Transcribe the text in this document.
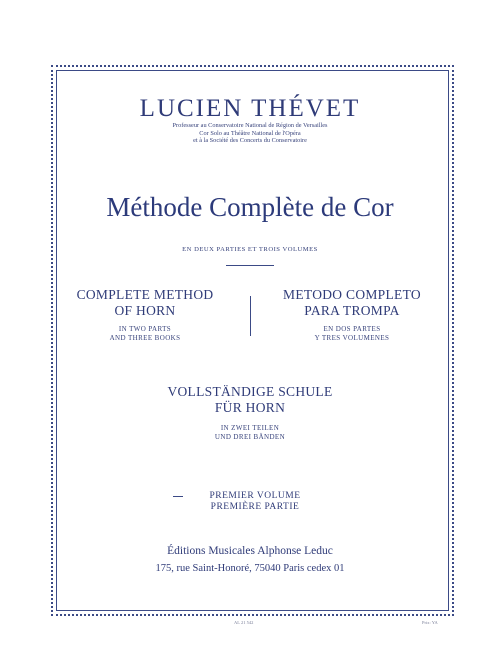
LUCIEN THÉVET
Professeur au Conservatoire National de Région de Versailles
Cor Solo au Théâtre National de l'Opéra
et à la Société des Concerts du Conservatoire
Méthode Complète de Cor
EN DEUX PARTIES ET TROIS VOLUMES
COMPLETE METHOD
OF HORN
IN TWO PARTS
AND THREE BOOKS
METODO COMPLETO
PARA TROMPA
EN DOS PARTES
Y TRES VOLUMENES
VOLLSTÄNDIGE SCHULE
FÜR HORN
IN ZWEI TEILEN
UND DREI BÄNDEN
PREMIER VOLUME
PREMIÈRE PARTIE
Éditions Musicales Alphonse Leduc
175, rue Saint-Honoré, 75040 Paris cedex 01
AL 21 542	Prix: YA
